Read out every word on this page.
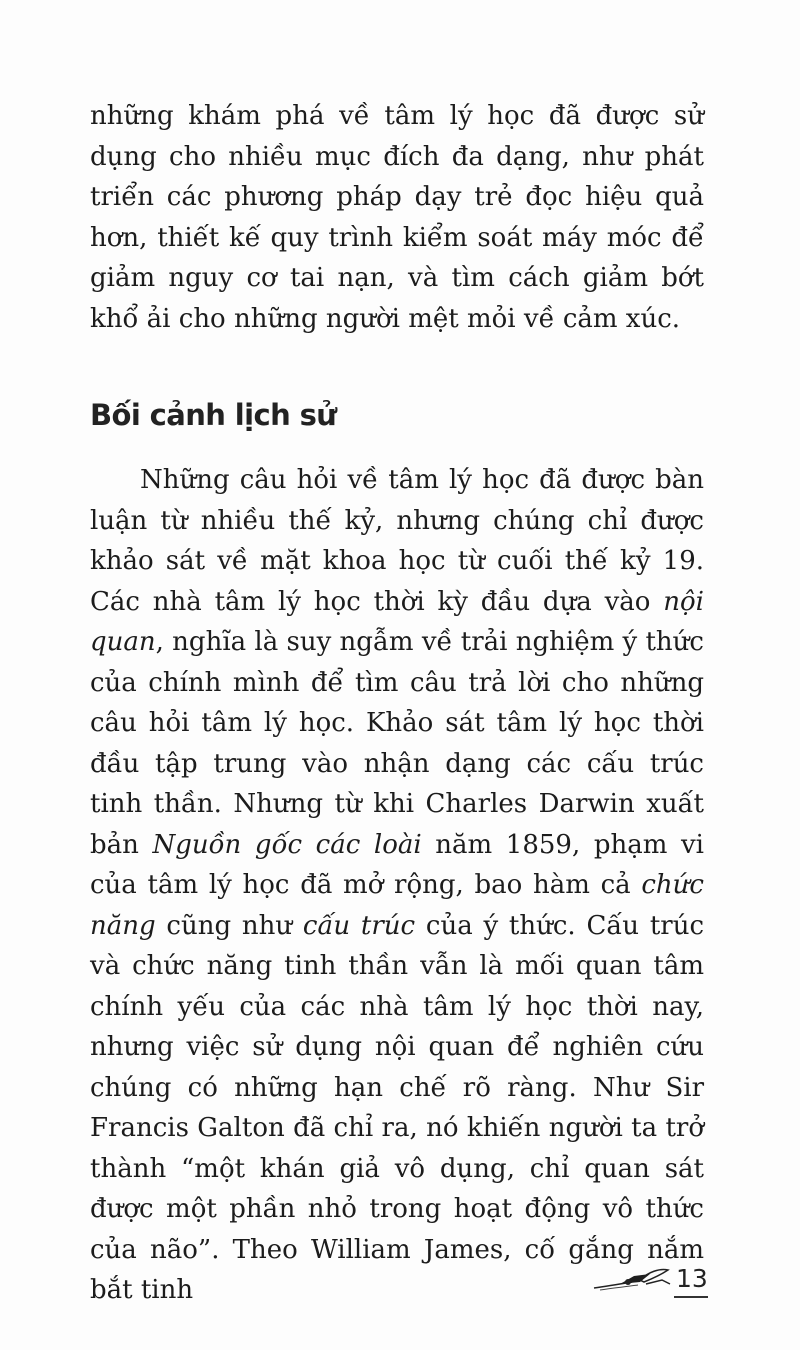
những khám phá về tâm lý học đã được sử dụng cho nhiều mục đích đa dạng, như phát triển các phương pháp dạy trẻ đọc hiệu quả hơn, thiết kế quy trình kiểm soát máy móc để giảm nguy cơ tai nạn, và tìm cách giảm bớt khổ ải cho những người mệt mỏi về cảm xúc.

Bối cảnh lịch sử

Những câu hỏi về tâm lý học đã được bàn luận từ nhiều thế kỷ, nhưng chúng chỉ được khảo sát về mặt khoa học từ cuối thế kỷ 19. Các nhà tâm lý học thời kỳ đầu dựa vào nội quan, nghĩa là suy ngẫm về trải nghiệm ý thức của chính mình để tìm câu trả lời cho những câu hỏi tâm lý học. Khảo sát tâm lý học thời đầu tập trung vào nhận dạng các cấu trúc tinh thần. Nhưng từ khi Charles Darwin xuất bản Nguồn gốc các loài năm 1859, phạm vi của tâm lý học đã mở rộng, bao hàm cả chức năng cũng như cấu trúc của ý thức. Cấu trúc và chức năng tinh thần vẫn là mối quan tâm chính yếu của các nhà tâm lý học thời nay, nhưng việc sử dụng nội quan để nghiên cứu chúng có những hạn chế rõ ràng. Như Sir Francis Galton đã chỉ ra, nó khiến người ta trở thành “một khán giả vô dụng, chỉ quan sát được một phần nhỏ trong hoạt động vô thức của não”. Theo William James, cố gắng nắm bắt tinh	13
